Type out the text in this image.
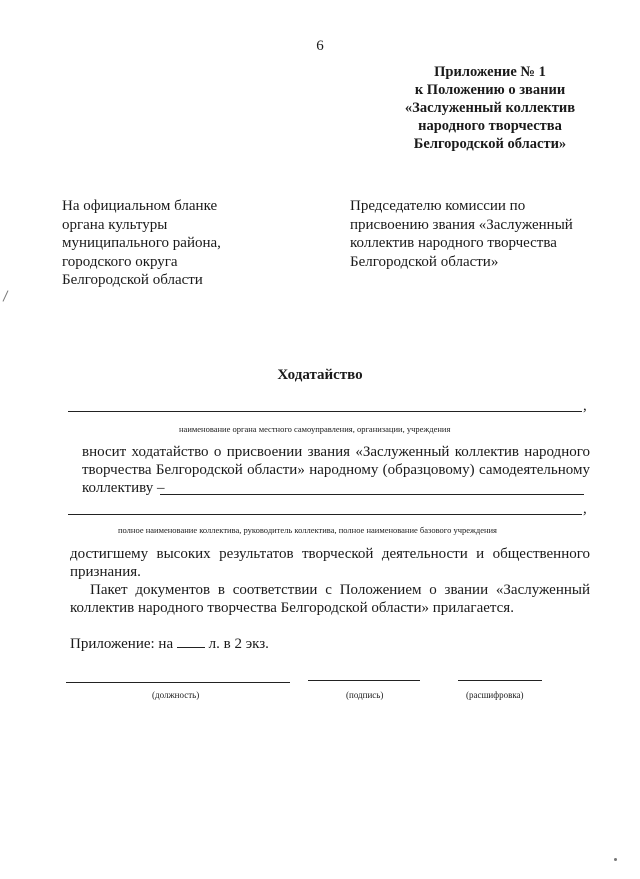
6
Приложение № 1
к Положению о звании
«Заслуженный коллектив
народного творчества
Белгородской области»
На официальном бланке
органа культуры
муниципального района,
городского округа
Белгородской области
Председателю комиссии по
присвоению звания «Заслуженный
коллектив народного творчества
Белгородской области»
Ходатайство
,
наименование органа местного самоуправления, организации, учреждения
вносит ходатайство о присвоении звания «Заслуженный коллектив народного
творчества Белгородской области» народному (образцовому) самодеятельному
коллективу –
,
полное наименование коллектива, руководитель коллектива, полное наименование базового учреждения
достигшему высоких результатов творческой деятельности и общественного
признания.
Пакет документов в соответствии с Положением о звании «Заслуженный
коллектив народного творчества Белгородской области» прилагается.
Приложение: на  л. в 2 экз.
(должность)	(подпись)	(расшифровка)
